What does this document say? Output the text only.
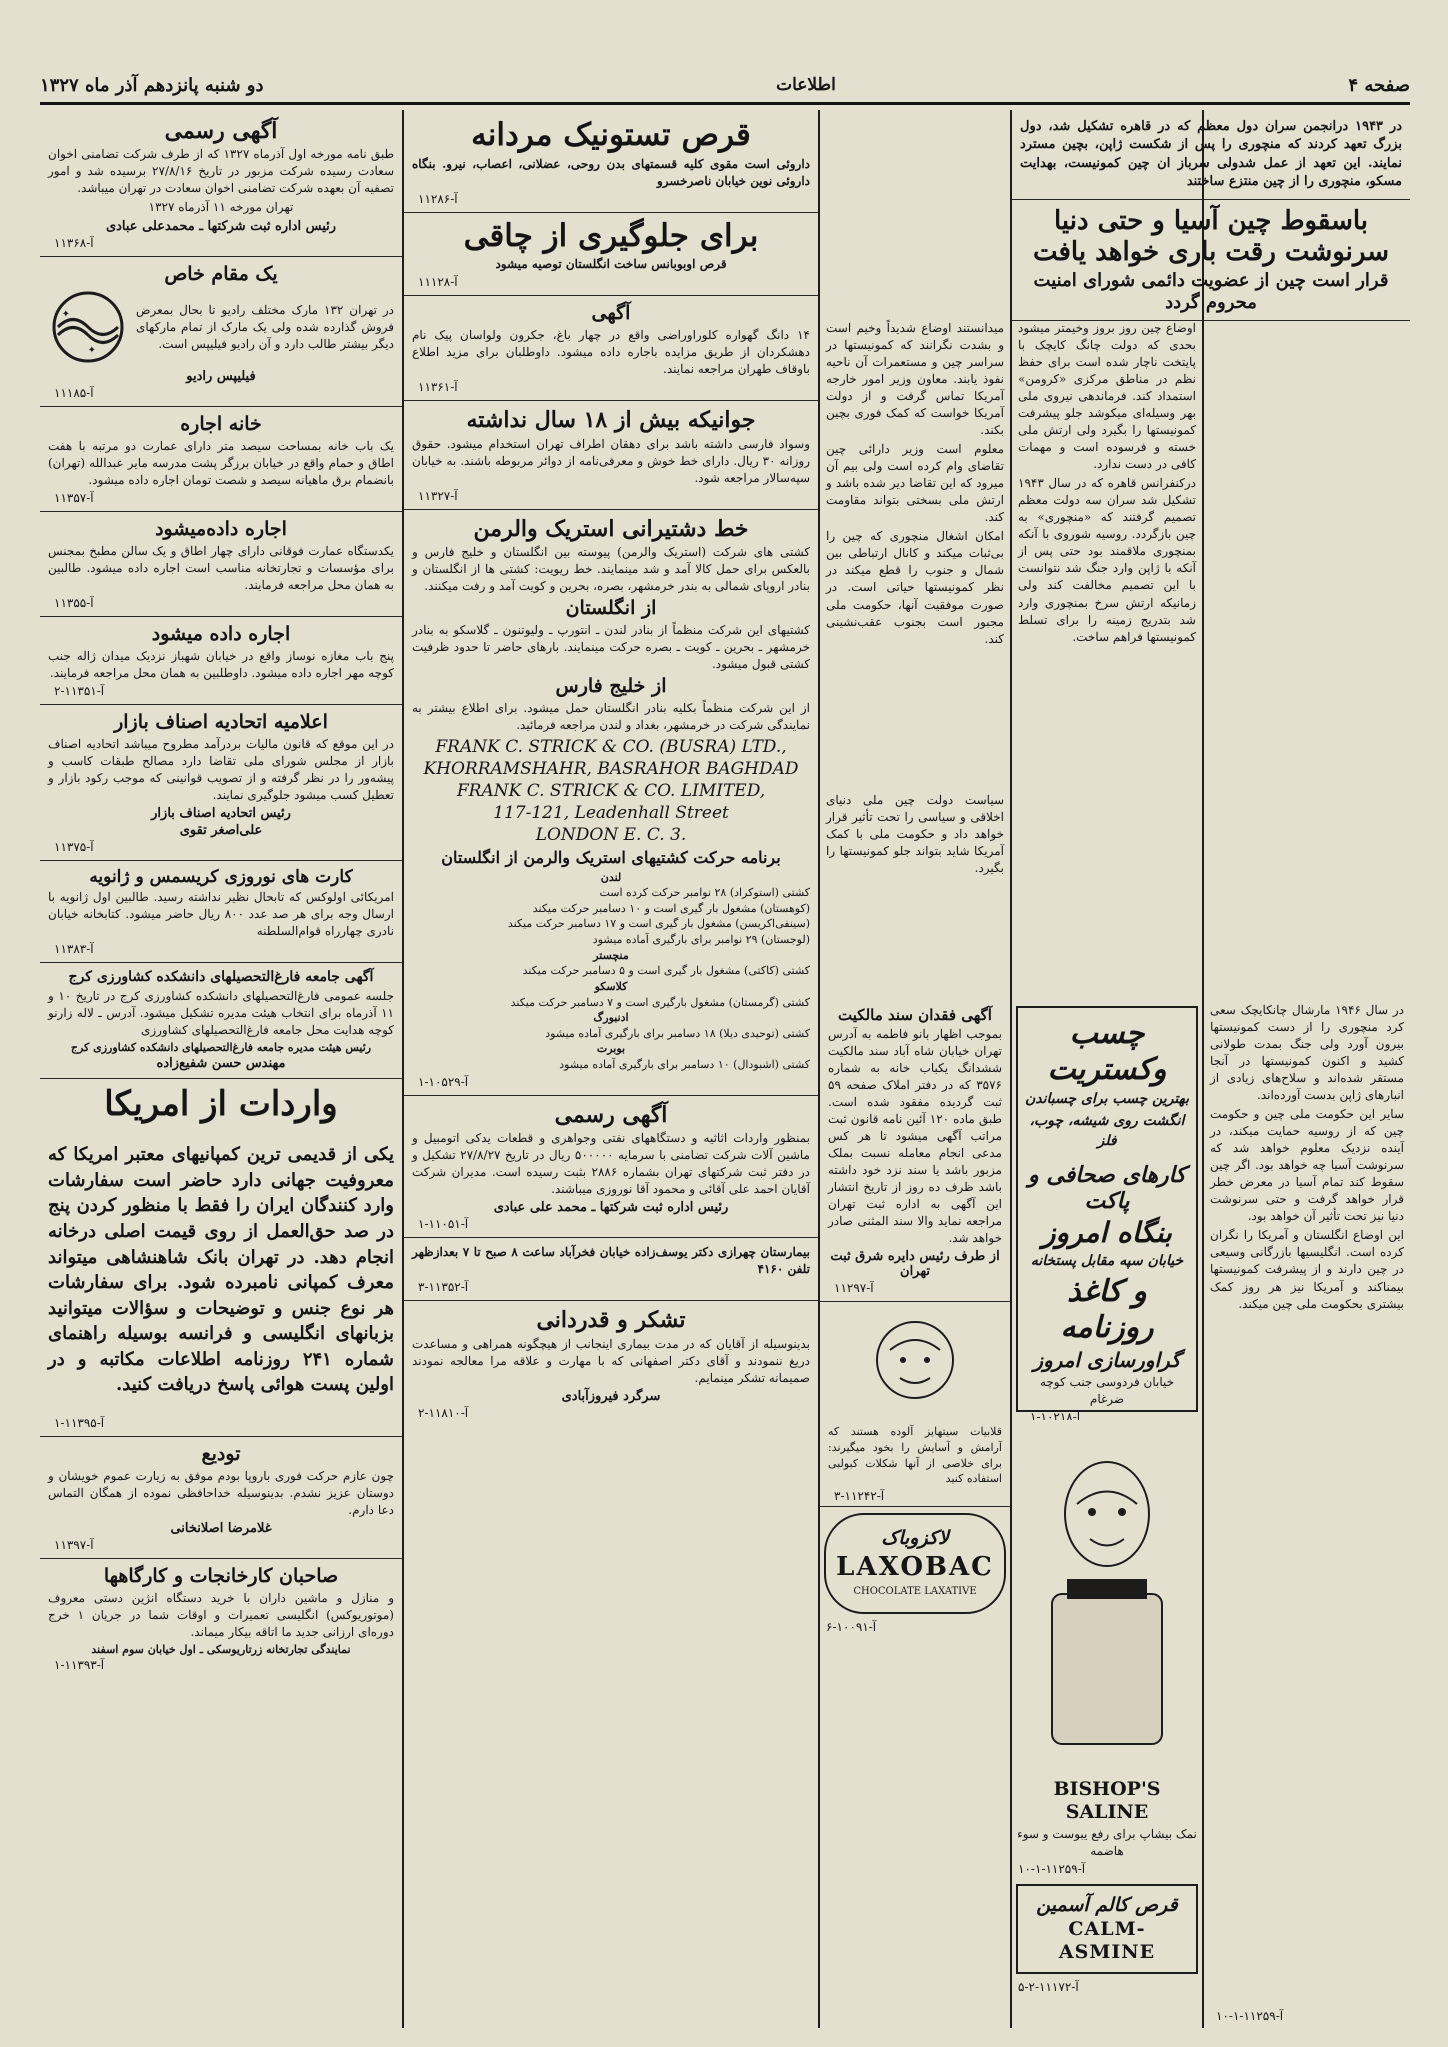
صفحه ۴
اطلاعات
دو شنبه پانزدهم آذر ماه ۱۳۲۷

در ۱۹۴۳ درانجمن سران دول معظم که در قاهره تشکیل شد، دول بزرگ تعهد کردند که منچوری را پس از شکست ژاپن، بچین مسترد نمایند. این تعهد از عمل شدولی سرباز ان چین کمونیست، بهدایت مسکو، منچوری را از چین منتزع ساختند

باسقوط چین آسیا و حتی دنیا سرنوشت رقت باری خواهد یافت
قرار است چین از عضویت دائمی شورای امنیت محروم گردد

اوضاع چین روز بروز وخیمتر میشود بحدی که دولت چانگ کایچک با پایتخت ناچار شده است برای حفظ نظم در مناطق مرکزی «کرومن» استمداد کند. فرماندهی نیروی ملی بهر وسیله‌ای میکوشد جلو پیشرفت کمونیستها را بگیرد ولی ارتش ملی خسته و فرسوده است و مهمات کافی در دست ندارد.

درکنفرانس قاهره که در سال ۱۹۴۳ تشکیل شد سران سه دولت معظم تصمیم گرفتند که «منچوری» به چین بازگردد. روسیه شوروی با آنکه بمنچوری ملاقمند بود حتی پس از آنکه با ژاپن وارد جنگ شد نتوانست با این تصمیم مخالفت کند ولی زمانیکه ارتش سرخ بمنچوری وارد شد بتدریج زمینه را برای تسلط کمونیستها فراهم ساخت.

میدانستند اوضاع شدیداً وخیم است و بشدت نگرانند که کمونیستها در سراسر چین و مستعمرات آن ناحیه نفوذ یابند. معاون وزیر امور خارجه آمریکا تماس گرفت و از دولت آمریکا خواست که کمک فوری بچین بکند.

معلوم است وزیر دارائی چین تقاضای وام کرده است ولی بیم آن میرود که این تقاضا دیر شده باشد و ارتش ملی بسختی بتواند مقاومت کند.

امکان اشغال منچوری که چین را بی‌ثبات میکند و کانال ارتباطی بین شمال و جنوب را قطع میکند در نظر کمونیستها حیاتی است. در صورت موفقیت آنها، حکومت ملی مجبور است بجنوب عقب‌نشینی کند.

در سال ۱۹۴۶ مارشال چانکایچک سعی کرد منچوری را از دست کمونیستها بیرون آورد ولی جنگ بمدت طولانی کشید و اکنون کمونیستها در آنجا مستقر شده‌اند و سلاح‌های زیادی از انبارهای ژاپن بدست آورده‌اند.

سایر این حکومت ملی چین و حکومت چین که از روسیه حمایت میکند، در آینده نزدیک معلوم خواهد شد که سرنوشت آسیا چه خواهد بود. اگر چین سقوط کند تمام آسیا در معرض خطر قرار خواهد گرفت و حتی سرنوشت دنیا نیز تحت تأثیر آن خواهد بود.

این اوضاع انگلستان و آمریکا را نگران کرده است. انگلیسیها بازرگانی وسیعی در چین دارند و از پیشرفت کمونیستها بیمناکند و آمریکا نیز هر روز کمک بیشتری بحکومت ملی چین میکند.

آ-۱۱۲۵۹-۱-۱۰

چسب وکستریت
بهترین چسب برای چسباندن
انگشت روی شیشه، چوب، فلز
کارهای صحافی و پاکت
بنگاه امروز
خیابان سپه مقابل پستخانه
و کاغذ روزنامه
گراورسازی امروز
خیابان فردوسی جنب کوچه ضرغام
آ-۱۰۲۱۸-۱

سیاست دولت چین ملی دنیای اخلاقی و سیاسی را تحت تأثیر قرار خواهد داد و حکومت ملی با کمک آمریکا شاید بتواند جلو کمونیستها را بگیرد.

BISHOP'S SALINE
نمک بیشاپ برای رفع یبوست و سوء هاضمه
آ-۱۱۲۵۹-۱-۱۰
قرص کالم آسمین
CALM-ASMINE
آ-۱۱۱۷۲-۲-۵
آگهی فقدان سند مالکیت

بموجب اظهار بانو فاطمه به آدرس تهران خیابان شاه آباد سند مالکیت ششدانگ یکباب خانه به شماره ۳۵۷۶ که در دفتر املاک صفحه ۵۹ ثبت گردیده مفقود شده است. طبق ماده ۱۲۰ آئین نامه قانون ثبت مراتب آگهی میشود تا هر کس مدعی انجام معامله نسبت بملک مزبور باشد یا سند نزد خود داشته باشد ظرف ده روز از تاریخ انتشار این آگهی به اداره ثبت تهران مراجعه نماید والا سند المثنی صادر خواهد شد.

از طرف رئیس دایره شرق ثبت تهران
آ-۱۱۲۹۷

قلابیات سیتهایز آلوده هستند که آرامش و آسایش را بخود میگیرند: برای خلاصی از آنها شکلات کبولبی استفاده کنید

آ-۱۱۲۴۲-۳
لاکزوباک
LAXOBAC
CHOCOLATE LAXATIVE
آ-۱۰۰۹۱-۶
قرص تستونیک مردانه

داروئی است مقوی کلیه قسمتهای بدن روحی، عضلانی، اعصاب، نیرو. بنگاه داروئی نوین خیابان ناصرخسرو

آ-۱۱۲۸۶
برای جلوگیری از چاقی

قرص اوبوبانس ساخت انگلستان توصیه میشود

آ-۱۱۱۲۸
آگهی

۱۴ دانگ گهواره کلوراوراضی واقع در چهار باغ، جکرون ولواسان پیک نام دهشکردان از طریق مزایده باجاره داده میشود. داوطلبان برای مزید اطلاع باوقاف طهران مراجعه نمایند.

آ-۱۱۳۶۱
جوانیکه بیش از ۱۸ سال نداشته

وسواد فارسی داشته باشد برای دهقان اطراف تهران استخدام میشود. حقوق روزانه ۳۰ ریال. دارای خط خوش و معرفی‌نامه از دوائر مربوطه باشند. به خیابان سپه‌سالار مراجعه شود.

آ-۱۱۳۲۷
خط دشتیرانی استریک والرمن

کشتی های شرکت (استریک والرمن) پیوسته بین انگلستان و خلیج فارس و بالعکس برای حمل کالا آمد و شد مینمایند. خط ریویت: کشتی ها از انگلستان و بنادر اروپای شمالی به بندر خرمشهر، بصره، بحرین و کویت آمد و رفت میکنند.

از انگلستان

کشتیهای این شرکت منظماً از بنادر لندن ـ انتورپ ـ ولیوتنون ـ گلاسکو به بنادر خرمشهر ـ بحرین ـ کویت ـ بصره حرکت مینمایند. بارهای حاضر تا حدود ظرفیت کشتی قبول میشود.

از خلیج فارس

از این شرکت منظماً بکلیه بنادر انگلستان حمل میشود. برای اطلاع بیشتر به نمایندگی شرکت در خرمشهر، بغداد و لندن مراجعه فرمائید.

FRANK C. STRICK & CO. (BUSRA) LTD.,
KHORRAMSHAHR, BASRAHOR BAGHDAD
FRANK C. STRICK & CO. LIMITED,
117-121, Leadenhall Street
LONDON E. C. 3.
برنامه حرکت کشتیهای استریک والرمن از انگلستان
لندن
کشتی (استوکراد) ۲۸ نوامبر حرکت کرده است
(کوهستان) مشغول بار گیری است و ۱۰ دسامبر حرکت میکند
(سینفی‌اکریسن) مشغول بار گیری است و ۱۷ دسامبر حرکت میکند
(لوجستان) ۲۹ نوامبر برای بارگیری آماده میشود
منچستر
کشتی (کاکتی) مشغول بار گیری است و ۵ دسامبر حرکت میکند
کلاسکو
کشتی (گرمستان) مشغول بارگیری است و ۷ دسامبر حرکت میکند
ادنبورگ
کشتی (توحیدی دیلا) ۱۸ دسامبر برای بارگیری آماده میشود
بوبرت
کشتی (اشبودال) ۱۰ دسامبر برای بارگیری آماده میشود
آ-۱۰۵۲۹-۱
آگهی رسمی

بمنظور واردات اثاثیه و دستگاههای نفتی وجواهری و قطعات یدکی اتومبیل و ماشین آلات شرکت تضامنی با سرمایه ۵۰۰۰۰۰ ریال در تاریخ ۲۷/۸/۲۷ تشکیل و در دفتر ثبت شرکتهای تهران بشماره ۲۸۸۶ بثبت رسیده است. مدیران شرکت آقایان احمد علی آقائی و محمود آقا نوروزی میباشند.

رئیس اداره ثبت شرکتها ـ محمد علی عبادی
آ-۱۱۰۵۱-۱

بیمارستان چهرازی دکتر یوسف‌زاده خیابان فخرآباد ساعت ۸ صبح تا ۷ بعدازظهر تلفن ۴۱۶۰

آ-۱۱۳۵۲-۳
تشکر و قدردانی

بدینوسیله از آقایان که در مدت بیماری اینجانب از هیچگونه همراهی و مساعدت دریغ ننمودند و آقای دکتر اصفهانی که با مهارت و علاقه مرا معالجه نمودند صمیمانه تشکر مینمایم.

سرگرد فیروزآبادی
آ-۱۱۸۱۰-۲
آگهی رسمی

طبق نامه مورخه اول آذرماه ۱۳۲۷ که از طرف شرکت تضامنی اخوان سعادت رسیده شرکت مزبور در تاریخ ۲۷/۸/۱۶ برسیده شد و امور تصفیه آن بعهده شرکت تضامنی اخوان سعادت در تهران میباشد.

تهران مورخه ۱۱ آذرماه ۱۳۲۷
رئیس اداره ثبت شرکتها ـ محمدعلی عبادی
آ-۱۱۳۶۸
یک مقام خاص

در تهران ۱۳۲ مارک مختلف رادیو تا بحال بمعرض فروش گذارده شده ولی یک مارک از تمام مارکهای دیگر بیشتر طالب دارد و آن رادیو فیلیپس است.

✦
✦
فیلیپس رادیو
آ-۱۱۱۸۵
خانه اجاره

یک باب خانه بمساحت سیصد متر دارای عمارت دو مرتبه با هفت اطاق و حمام واقع در خیابان برزگر پشت مدرسه مایر عبدالله (تهران) بانضمام برق ماهیانه سیصد و شصت تومان اجاره داده میشود.

آ-۱۱۳۵۷
اجاره داده‌میشود

یکدستگاه عمارت فوقانی دارای چهار اطاق و یک سالن مطبخ بمجنس برای مؤسسات و تجارتخانه مناسب است اجاره داده میشود. طالبین به همان محل مراجعه فرمایند.

آ-۱۱۳۵۵
اجاره داده میشود

پنج باب مغازه نوساز واقع در خیابان شهباز نزدیک میدان ژاله جنب کوچه مهر اجاره داده میشود. داوطلبین به همان محل مراجعه فرمایند.

آ-۱۱۳۵۱-۲
اعلامیه اتحادیه اصناف بازار

در این موقع که قانون مالیات بردرآمد مطروح میباشد اتحادیه اصناف بازار از مجلس شورای ملی تقاضا دارد مصالح طبقات کاسب و پیشه‌ور را در نظر گرفته و از تصویب قوانینی که موجب رکود بازار و تعطیل کسب میشود جلوگیری نمایند.

رئیس اتحادیه اصناف بازار
علی‌اصغر تقوی
آ-۱۱۳۷۵
کارت های نوروزی کریسمس و ژانویه

امریکائی اولوکس که تابحال نظیر نداشته رسید. طالبین اول ژانویه با ارسال وجه برای هر صد عدد ۸۰۰ ریال حاضر میشود. کتابخانه خیابان نادری چهارراه قوام‌السلطنه

آ-۱۱۳۸۳
آگهی جامعه فارغ‌التحصیلهای دانشکده کشاورزی کرج

جلسه عمومی فارغ‌التحصیلهای دانشکده کشاورزی کرج در تاریخ ۱۰ و ۱۱ آذرماه برای انتخاب هیئت مدیره تشکیل میشود. آدرس ـ لاله زارنو کوچه هدایت محل جامعه فارغ‌التحصیلهای کشاورزی

رئیس هیئت مدیره جامعه فارغ‌التحصیلهای دانشکده کشاورزی کرج
مهندس حسن شفیع‌زاده
واردات از امریکا

یکی از قدیمی ترین کمپانیهای معتبر امریکا که معروفیت جهانی دارد حاضر است سفارشات وارد کنندگان ایران را فقط با منظور کردن پنج در صد حق‌العمل از روی قیمت اصلی درخانه انجام دهد. در تهران بانک شاهنشاهی میتواند معرف کمپانی نامبرده شود. برای سفارشات هر نوع جنس و توضیحات و سؤالات میتوانید بزبانهای انگلیسی و فرانسه بوسیله راهنمای شماره ۲۴۱ روزنامه اطلاعات مکاتبه و در اولین پست هوائی پاسخ دریافت کنید.

آ-۱۱۳۹۵-۱
تودیع

چون عازم حرکت فوری باروپا بودم موفق به زیارت عموم خویشان و دوستان عزیز نشدم. بدینوسیله خداحافظی نموده از همگان التماس دعا دارم.

غلامرضا اصلانخانی
آ-۱۱۳۹۷
صاحبان کارخانجات و کارگاهها

و منازل و ماشین داران با خرید دستگاه انژین دستی معروف (موتوریوکس) انگلیسی تعمیرات و اوقات شما در جریان ۱ خرج دوره‌ای ارزانی جدید ما اتاقه بیکار میماند.

نمایندگی تجارتخانه زرتاریوسکی ـ اول خیابان سوم اسفند
آ-۱۱۳۹۳-۱
